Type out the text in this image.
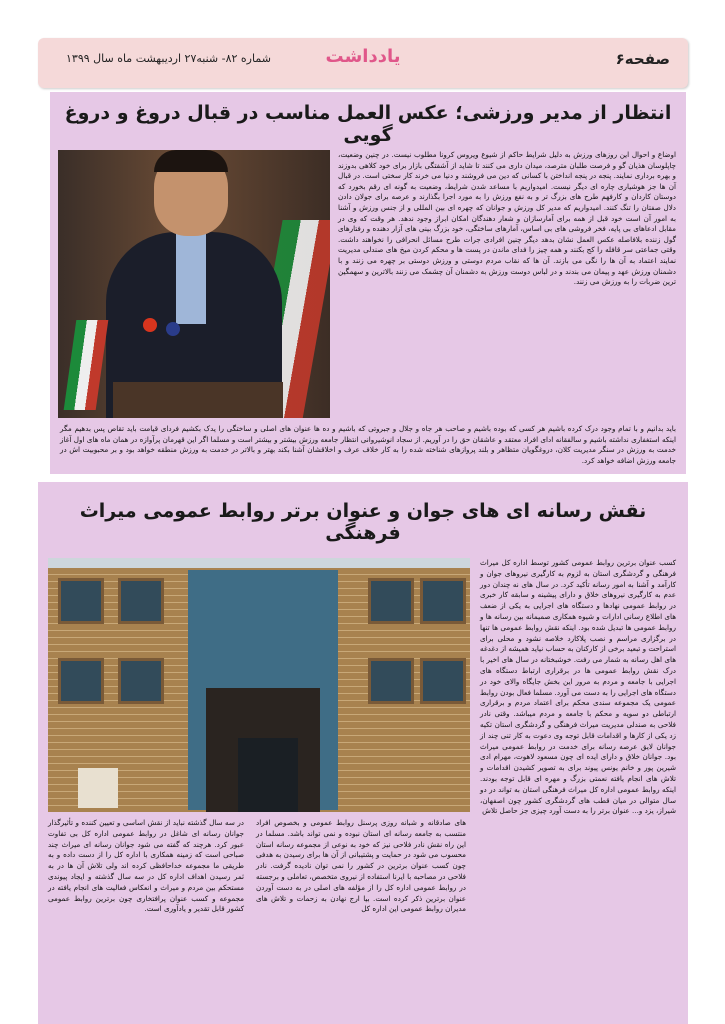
صفحه۶
یادداشت
شماره ۸۲- شنبه۲۷ اردیبهشت ماه سال ۱۳۹۹
انتظار از مدیر ورزشی؛ عکس العمل مناسب در قبال دروغ و دروغ گویی

اوضاع و احوال این روزهای ورزش به دلیل شرایط حاکم از شیوع ویروس کرونا مطلوب نیست. در چنین وضعیت، چاپلوسان هذیان گو و فرصت طلبان مترصد، میدان داری می کنند تا شاید از آشفتگی بازار برای خود کلاهی بدوزند و بهره برداری نمایند. پنجه در پنجه انداختن با کسانی که دین می فروشند و دنیا می خرند کار سختی است. در قبال آن ها جز هوشیاری چاره ای دیگر نیست. امیدواریم با مساعد شدن شرایط، وضعیت به گونه ای رقم بخورد که دوستان کاردان و کارفهم طرح های بزرگ تر و به نفع ورزش را به مورد اجرا بگذارند و عرصه برای جولان دادن دلال صفتان را تنگ کنند. امیدواریم که مدیر کل ورزش و جوانان که چهره ای بین المللی و از جنس ورزش و آشنا به امور آن است خود قبل از همه برای آمارسازان و شعار دهندگان امکان ابراز وجود ندهد. هر وقت که وی در مقابل ادعاهای بی پایه، فخر فروشی های بی اساس، آمارهای ساختگی، خود بزرگ بینی های آزار دهنده و رفتارهای گول زننده بلافاصله عکس العمل نشان بدهد دیگر چنین افرادی جرات طرح مسائل انحرافی را نخواهند داشت. وقتی جماعتی سر قافله را کج بکنند و همه چیز را فدای ماندن در پست ها و محکم کردن میخ های صندلی مدیریت نمایند اعتماد به آن ها را نگی می بازند. آن ها که نقاب مردم دوستی و ورزش دوستی بر چهره می زنند و با دشمنان ورزش عهد و پیمان می بندند و در لباس دوست ورزش به دشمنان آن چشمک می زنند بالاترین و سهمگین ترین ضربات را به ورزش می زنند.

باید بدانیم و با تمام وجود درک کرده باشیم هر کسی که بوده باشیم و صاحب هر جاه و جلال و جبروتی که باشیم و ده ها عنوان های اصلی و ساختگی را یدک بکشیم فردای قیامت باید تقاص پس بدهیم مگر اینکه استغفاری نداشته باشیم و سالفقانه ادای افراد معتقد و عاشقان حق را در آوریم. از سجاد انوشیروانی انتظار جامعه ورزش بیشتر و بیشتر است و مسلما اگر این قهرمان پرآوازه در همان ماه های اول آغاز خدمت به ورزش در سنگر مدیریت کلان، دروغگویان متظاهر و بلند پروازهای شناخته شده را به کار خلاف عرف و اخلاقشان آشنا بکند بهتر و بالاتر در خدمت به ورزش منطقه خواهد بود و بر محبوبیت اش در جامعه ورزش اضافه خواهد کرد.

نقش رسانه ای های جوان و عنوان برتر روابط عمومی میراث فرهنگی

کسب عنوان برترین روابط عمومی کشور توسط اداره کل میراث فرهنگی و گردشگری استان به لزوم به کارگیری نیروهای جوان و کارآمد و آشنا به امور رسانه تأکید کرد. در سال های نه چندان دور عدم به کارگیری نیروهای خلاق و دارای پیشینه و سابقه کار خبری در روابط عمومی نهادها و دستگاه های اجرایی به یکی از ضعف های اطلاع رسانی ادارات و شیوه همکاری صمیمانه بین رسانه ها و روابط عمومی ها تبدیل شده بود. اینکه نقش روابط عمومی ها تنها در برگزاری مراسم و نصب پلاکارد خلاصه نشود و محلی برای استراحت و تبعید برخی از کارکنان به حساب نیاید همیشه از دغدغه های اهل رسانه به شمار می رفت. خوشبختانه در سال های اخیر با درک نقش روابط عمومی ها در برقراری ارتباط دستگاه های اجرایی با جامعه و مردم به مرور این بخش جایگاه والای خود در دستگاه های اجرایی را به دست می آورد. مسلما فعال بودن روابط عمومی یک مجموعه سندی محکم برای اعتماد مردم و برقراری ارتباطی دو سویه و محکم با جامعه و مردم میباشد. وقتی نادر فلاحی به صندلی مدیریت میراث فرهنگی و گردشگری استان تکیه زد یکی از کارها و اقدامات قابل توجه وی دعوت به کار تنی چند از جوانان لایق عرصه رسانه برای خدمت در روابط عمومی میراث بود. جوانان خلاق و دارای ایده ای چون مسعود لاهوت، مهرام ادی شیرین پور و خانم یونس پیوند برای به تصویر کشیدن اقدامات و تلاش های انجام یافته نعمتی بزرگ و مهره ای قابل توجه بودند. اینکه روابط عمومی اداره کل میراث فرهنگی استان به تواند در دو سال متوالی در میان قطب های گردشگری کشور چون اصفهان، شیراز، یزد و... عنوان برتر را به دست آورد چیزی جز حاصل تلاش

های صادقانه و شبانه روزی پرسنل روابط عمومی و بخصوص افراد منتسب به جامعه رسانه ای استان نبوده و نمی تواند باشد. مسلما در این راه نقش نادر فلاحی نیز که خود به نوعی از مجموعه رسانه استان محسوب می شود در حمایت و پشتیبانی از آن ها برای رسیدن به هدفی چون کسب عنوان برترین در کشور را نمی توان نادیده گرفت. نادر فلاحی در مصاحبه با ایرنا استفاده از نیروی متخصص، تعاملی و برجسته در روابط عمومی اداره کل را از مؤلفه های اصلی در به دست آوردن عنوان برترین ذکر کرده است. بیا ارج نهادن به زحمات و تلاش های مدیران روابط عمومی این اداره کل

در سه سال گذشته نباید از نقش اساسی و تعیین کننده و تأثیرگذار جوانان رسانه ای شاغل در روابط عمومی اداره کل بی تفاوت عبور کرد. هرچند که گفته می شود جوانان رسانه ای میراث چند صباحی است که زمینه همکاری با اداره کل را از دست داده و به طریقی ما مجموعه خداحافظی کرده اند ولی تلاش آن ها در به ثمر رسیدن اهداف اداره کل در سه سال گذشته و ایجاد پیوندی مستحکم بین مردم و میراث و انعکاس فعالیت های انجام یافته در مجموعه و کسب عنوان پرافتخاری چون برترین روابط عمومی کشور قابل تقدیر و یادآوری است.
